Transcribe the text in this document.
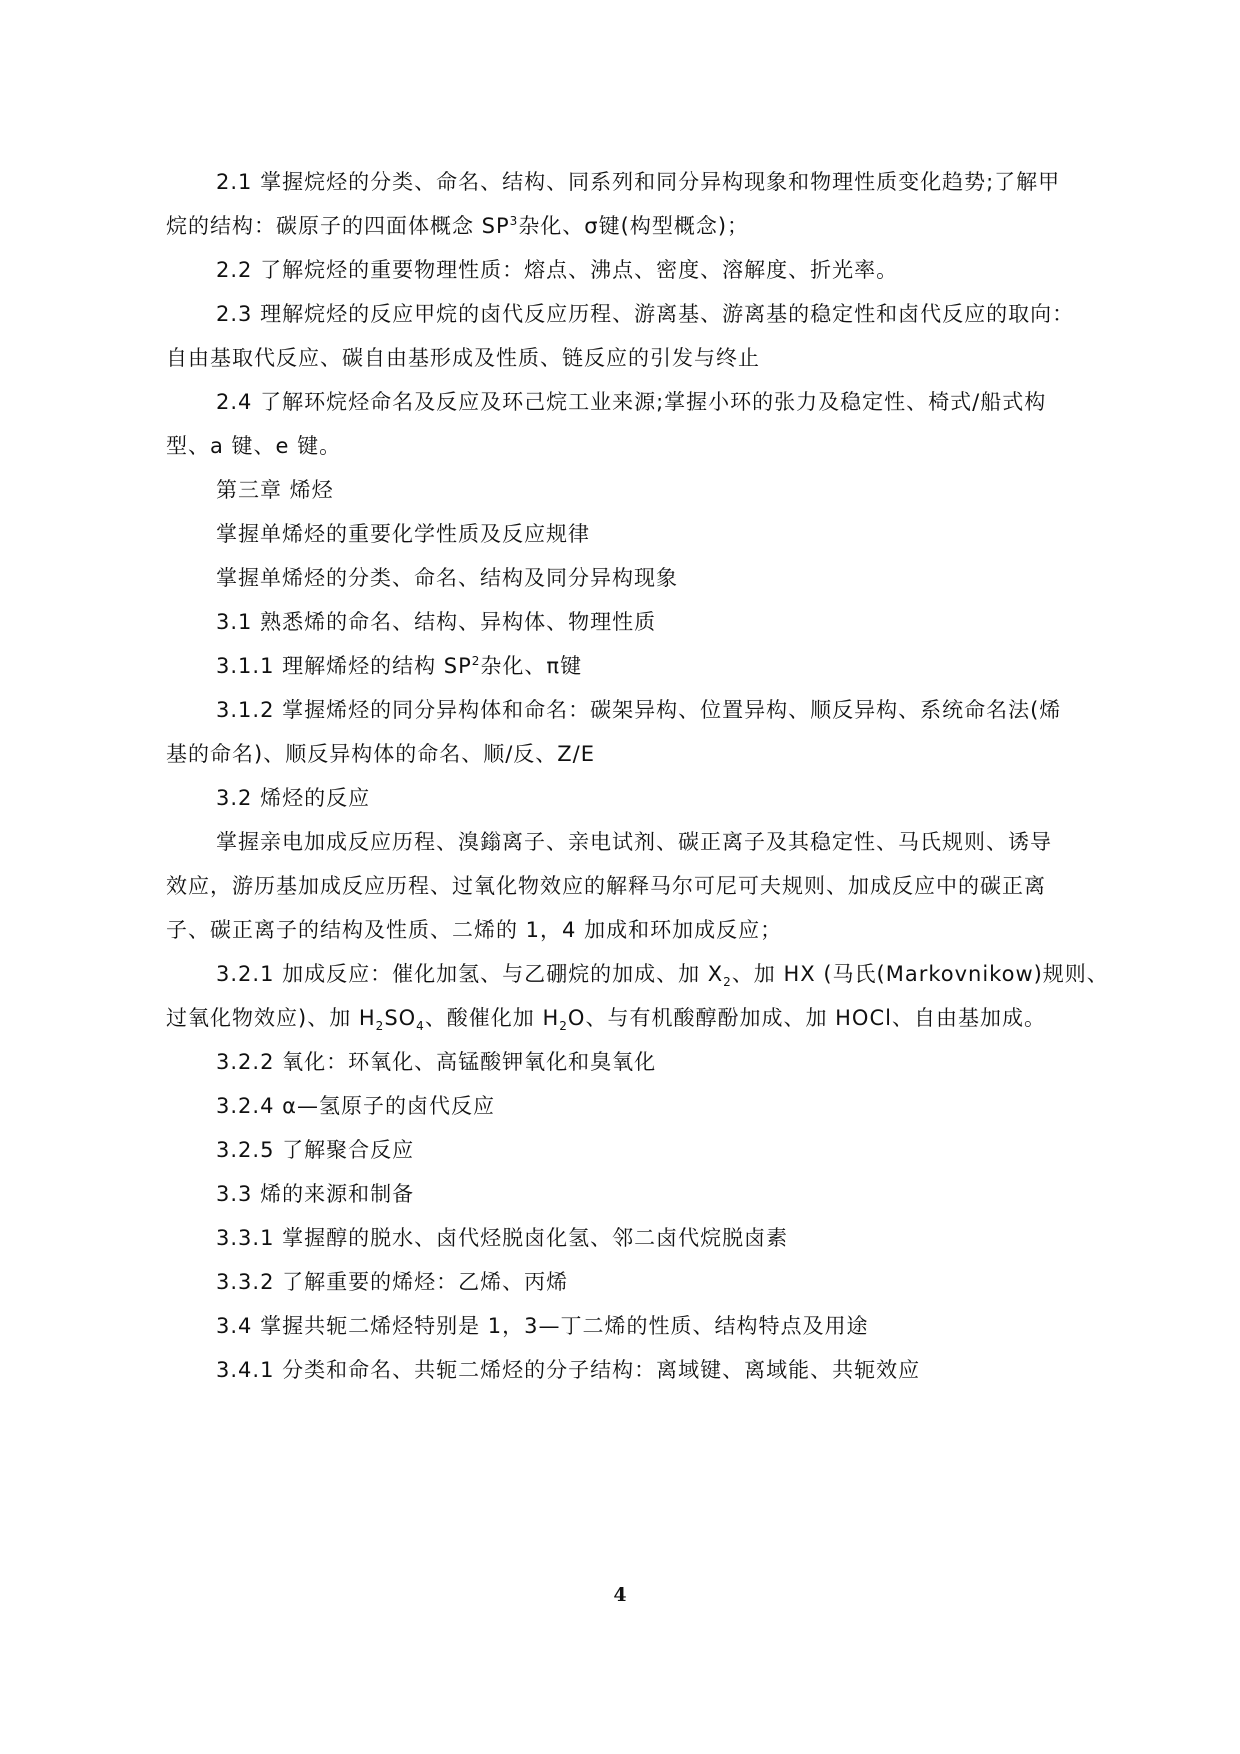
2.1 掌握烷烃的分类、命名、结构、同系列和同分异构现象和物理性质变化趋势;了解甲
烷的结构：碳原子的四面体概念 $SP^3$杂化、σ键(构型概念)；
2.2 了解烷烃的重要物理性质：熔点、沸点、密度、溶解度、折光率。
2.3 理解烷烃的反应甲烷的卤代反应历程、游离基、游离基的稳定性和卤代反应的取向：
自由基取代反应、碳自由基形成及性质、链反应的引发与终止
2.4 了解环烷烃命名及反应及环己烷工业来源;掌握小环的张力及稳定性、椅式/船式构
型、a 键、e 键。
第三章 烯烃
掌握单烯烃的重要化学性质及反应规律
掌握单烯烃的分类、命名、结构及同分异构现象
3.1 熟悉烯的命名、结构、异构体、物理性质
3.1.1 理解烯烃的结构 $SP^2$杂化、π键
3.1.2 掌握烯烃的同分异构体和命名：碳架异构、位置异构、顺反异构、系统命名法(烯
基的命名)、顺反异构体的命名、顺/反、Z/E
3.2 烯烃的反应
掌握亲电加成反应历程、溴鎓离子、亲电试剂、碳正离子及其稳定性、马氏规则、诱导
效应，游历基加成反应历程、过氧化物效应的解释马尔可尼可夫规则、加成反应中的碳正离
子、碳正离子的结构及性质、二烯的 1，4 加成和环加成反应；
3.2.1 加成反应：催化加氢、与乙硼烷的加成、加 $X_2$、加 HX (马氏(Markovnikow)规则、
过氧化物效应)、加 $H_2SO_4$、酸催化加 $H_2O$、与有机酸醇酚加成、加 HOCl、自由基加成。
3.2.2 氧化：环氧化、高锰酸钾氧化和臭氧化
3.2.4 α—氢原子的卤代反应
3.2.5 了解聚合反应
3.3 烯的来源和制备
3.3.1 掌握醇的脱水、卤代烃脱卤化氢、邻二卤代烷脱卤素
3.3.2 了解重要的烯烃：乙烯、丙烯
3.4 掌握共轭二烯烃特别是 1，3—丁二烯的性质、结构特点及用途
3.4.1 分类和命名、共轭二烯烃的分子结构：离域键、离域能、共轭效应
4
